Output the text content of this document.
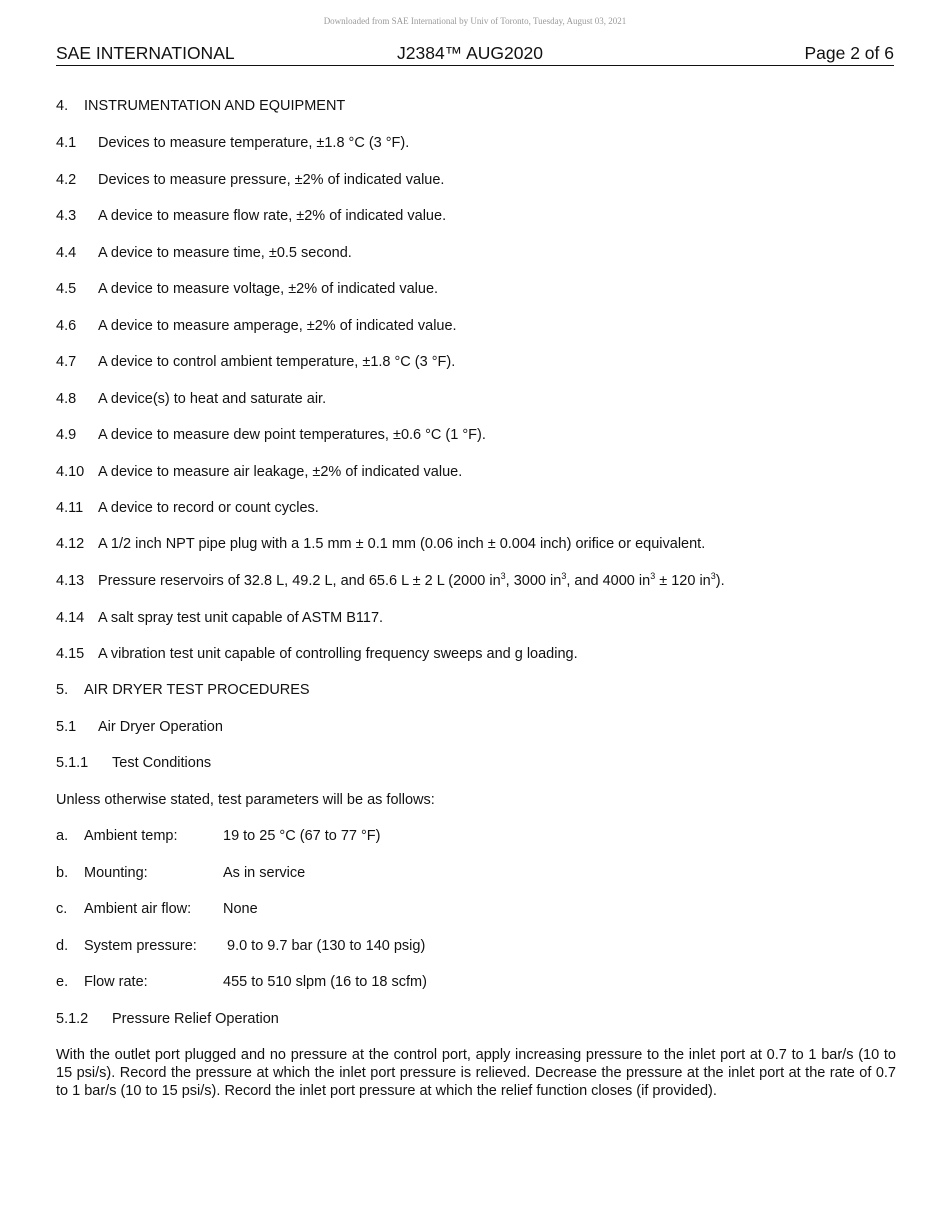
Downloaded from SAE International by Univ of Toronto, Tuesday, August 03, 2021
SAE INTERNATIONAL	J2384™ AUG2020	Page 2 of 6
4. INSTRUMENTATION AND EQUIPMENT
4.1 Devices to measure temperature, ±1.8 °C (3 °F).
4.2 Devices to measure pressure, ±2% of indicated value.
4.3 A device to measure flow rate, ±2% of indicated value.
4.4 A device to measure time, ±0.5 second.
4.5 A device to measure voltage, ±2% of indicated value.
4.6 A device to measure amperage, ±2% of indicated value.
4.7 A device to control ambient temperature, ±1.8 °C (3 °F).
4.8 A device(s) to heat and saturate air.
4.9 A device to measure dew point temperatures, ±0.6 °C (1 °F).
4.10 A device to measure air leakage, ±2% of indicated value.
4.11 A device to record or count cycles.
4.12 A 1/2 inch NPT pipe plug with a 1.5 mm ± 0.1 mm (0.06 inch ± 0.004 inch) orifice or equivalent.
4.13 Pressure reservoirs of 32.8 L, 49.2 L, and 65.6 L ± 2 L (2000 $in^3$, 3000 $in^3$, and 4000 $in^3 \pm 120$ $in^3$).
4.14 A salt spray test unit capable of ASTM B117.
4.15 A vibration test unit capable of controlling frequency sweeps and g loading.
5. AIR DRYER TEST PROCEDURES
5.1 Air Dryer Operation
5.1.1 Test Conditions
Unless otherwise stated, test parameters will be as follows:
a. Ambient temp:	19 to 25 °C (67 to 77 °F)
b. Mounting:	As in service
c. Ambient air flow: None
d. System pressure: 9.0 to 9.7 bar (130 to 140 psig)
e. Flow rate:	455 to 510 slpm (16 to 18 scfm)
5.1.2 Pressure Relief Operation
With the outlet port plugged and no pressure at the control port, apply increasing pressure to the inlet port at 0.7 to 1 bar/s (10 to 15 psi/s). Record the pressure at which the inlet port pressure is relieved. Decrease the pressure at the inlet port at the rate of 0.7 to 1 bar/s (10 to 15 psi/s). Record the inlet port pressure at which the relief function closes (if provided).
